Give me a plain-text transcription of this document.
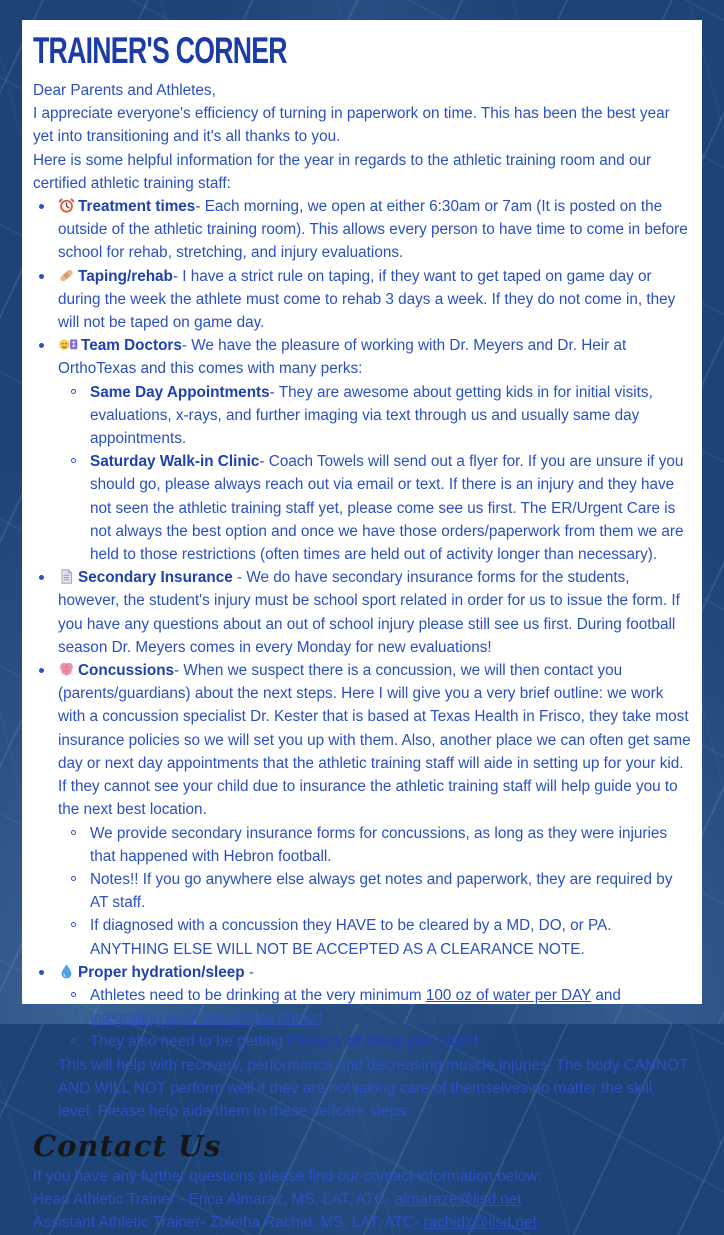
TRAINER'S CORNER

Dear Parents and Athletes,

I appreciate everyone's efficiency of turning in paperwork on time. This has been the best year yet into transitioning and it's all thanks to you.

Here is some helpful information for the year in regards to the athletic training room and our certified athletic training staff:

Treatment times- Each morning, we open at either 6:30am or 7am (It is posted on the outside of the athletic training room). This allows every person to have time to come in before school for rehab, stretching, and injury evaluations.
Taping/rehab- I have a strict rule on taping, if they want to get taped on game day or during the week the athlete must come to rehab 3 days a week. If they do not come in, they will not be taped on game day.
Team Doctors- We have the pleasure of working with Dr. Meyers and Dr. Heir at OrthoTexas and this comes with many perks:
Same Day Appointments- They are awesome about getting kids in for initial visits, evaluations, x-rays, and further imaging via text through us and usually same day appointments.
Saturday Walk-in Clinic- Coach Towels will send out a flyer for. If you are unsure if you should go, please always reach out via email or text. If there is an injury and they have not seen the athletic training staff yet, please come see us first. The ER/Urgent Care is not always the best option and once we have those orders/paperwork from them we are held to those restrictions (often times are held out of activity longer than necessary).
Secondary Insurance - We do have secondary insurance forms for the students, however, the student's injury must be school sport related in order for us to issue the form. If you have any questions about an out of school injury please still see us first. During football season Dr. Meyers comes in every Monday for new evaluations!
Concussions- When we suspect there is a concussion, we will then contact you (parents/guardians) about the next steps. Here I will give you a very brief outline: we work with a concussion specialist Dr. Kester that is based at Texas Health in Frisco, they take most insurance policies so we will set you up with them. Also, another place we can often get same day or next day appointments that the athletic training staff will aide in setting up for your kid. If they cannot see your child due to insurance the athletic training staff will help guide you to the next best location.
We provide secondary insurance forms for concussions, as long as they were injuries that happened with Hebron football.
Notes!! If you go anywhere else always get notes and paperwork, they are required by AT staff.
If diagnosed with a concussion they HAVE to be cleared by a MD, DO, or PA. ANYTHING ELSE WILL NOT BE ACCEPTED AS A CLEARANCE NOTE.
Proper hydration/sleep -
Athletes need to be drinking at the very minimum 100 oz of water per DAY and integrating sport electrolyte drinks!
They also need to be getting 8 hours of sleep per night!

This will help with recovery, performance and decreasing muscle injuries! The body CANNOT AND WILL NOT perform well if they are not taking care of themselves no matter the skill level. Please help aide them in these selfcare steps.

Contact Us

If you have any further questions please find our contact information below:

Head Athletic Trainer - Erica Almaraz, MS, LAT, ATC- almaraze@lisd.net

Assistant Athletic Trainer- Zuleiha Rachid, MS, LAT, ATC- rachidz@lisd.net
